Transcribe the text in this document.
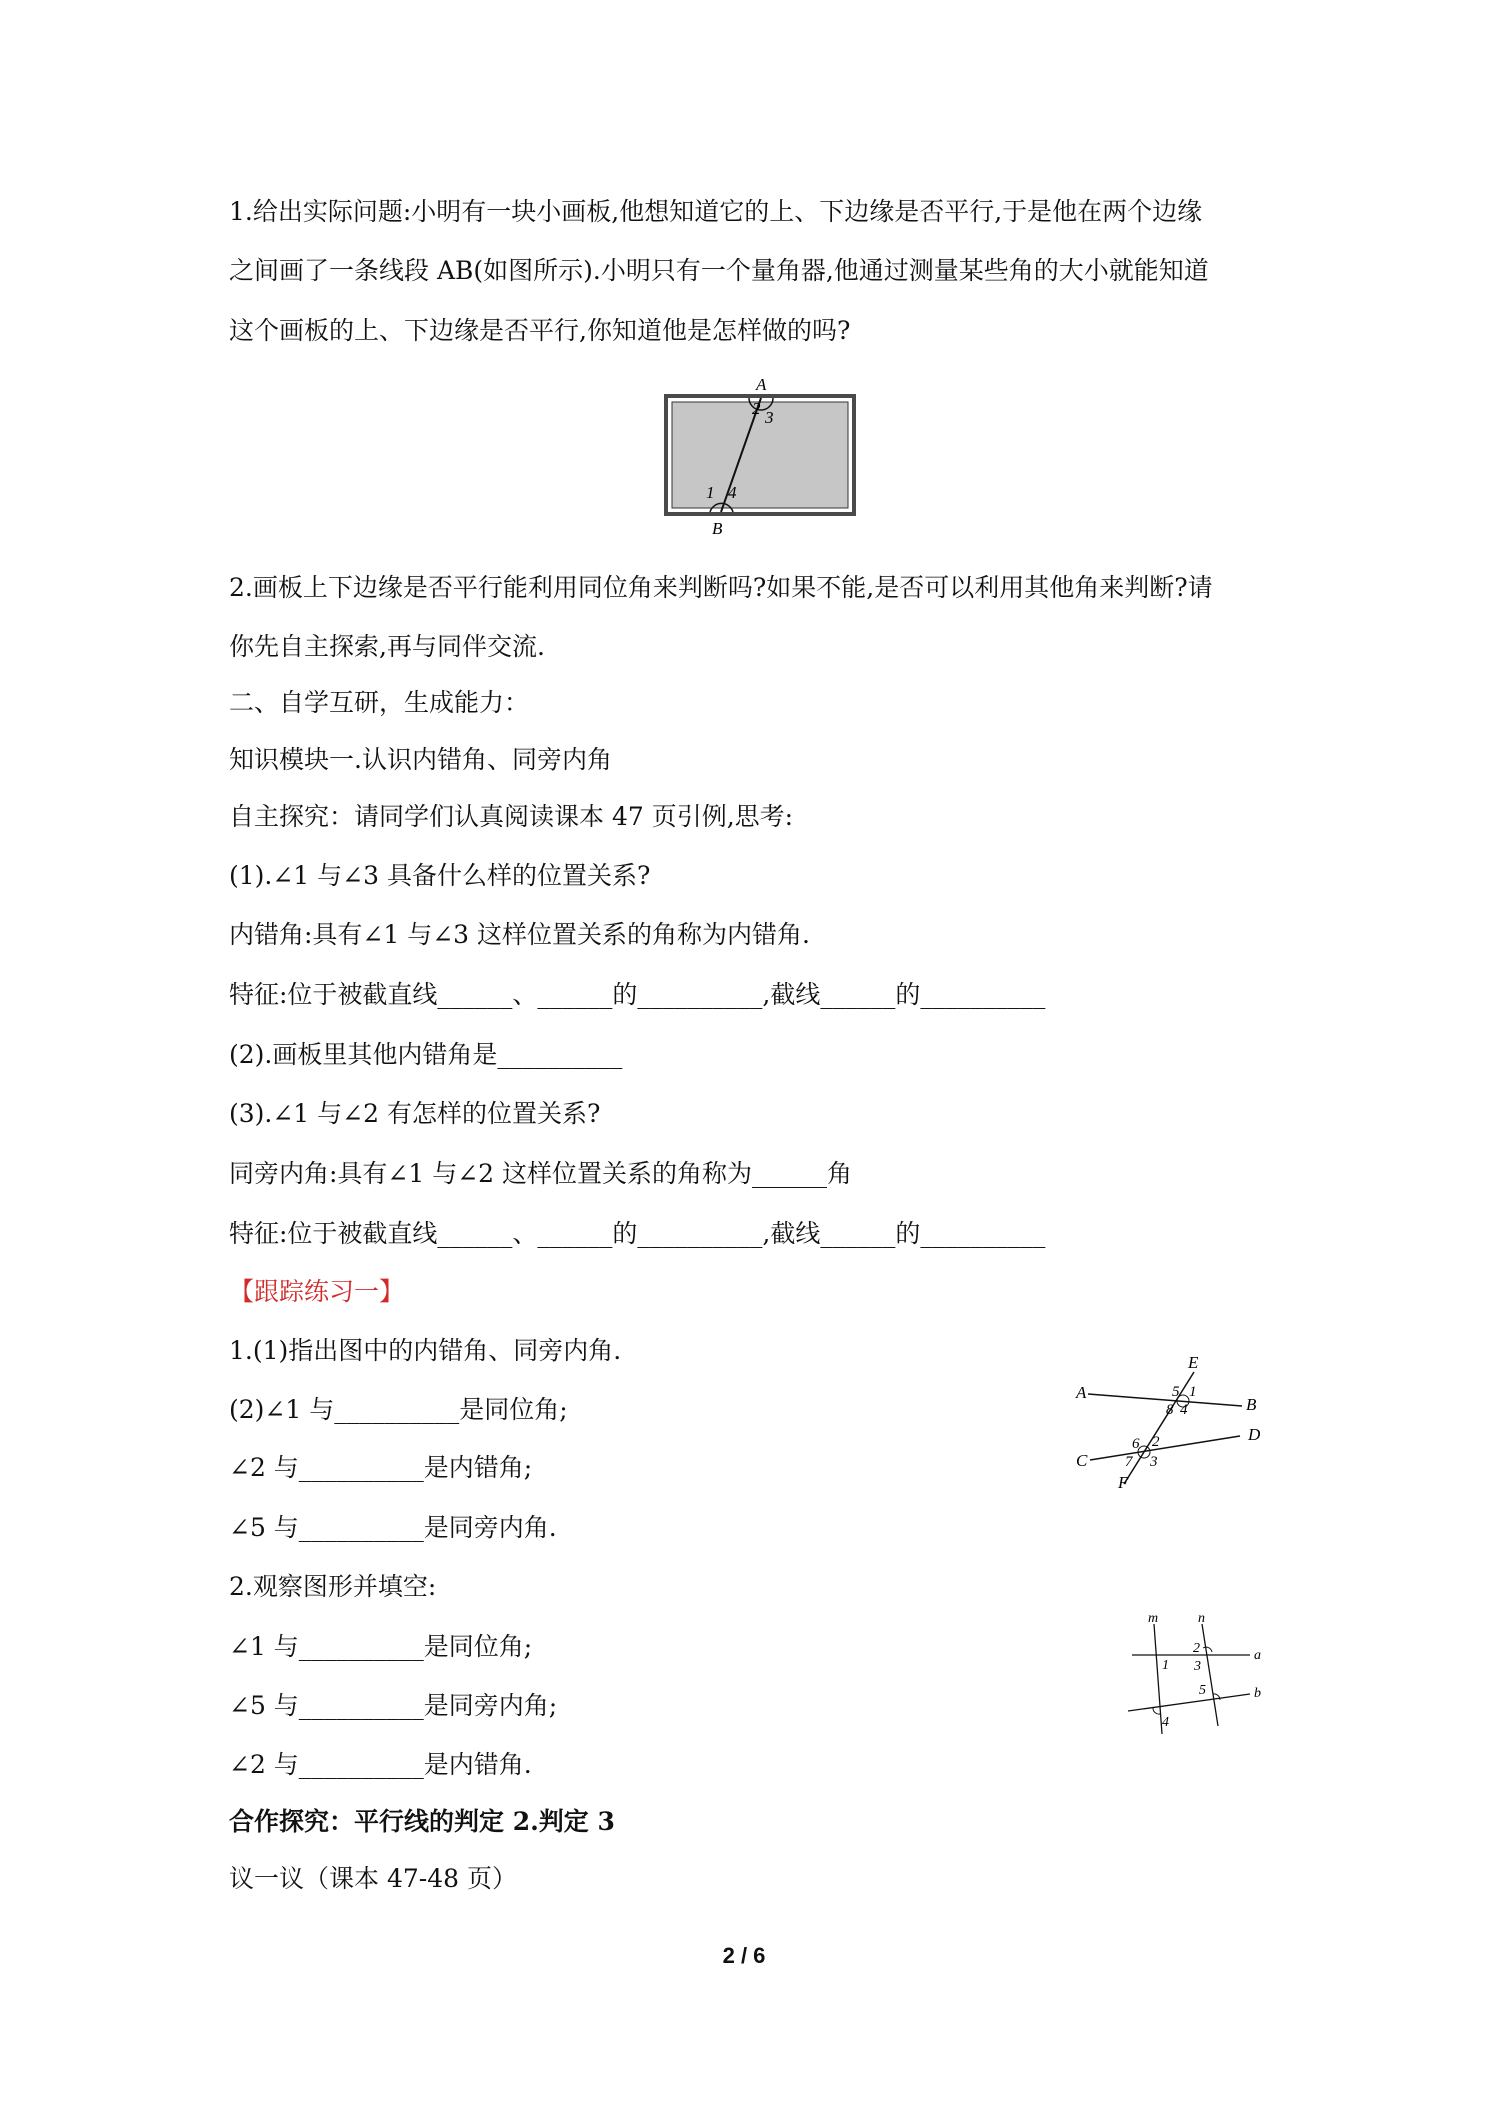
1.给出实际问题:小明有一块小画板,他想知道它的上、下边缘是否平行,于是他在两个边缘
之间画了一条线段 AB(如图所示).小明只有一个量角器,他通过测量某些角的大小就能知道
这个画板的上、下边缘是否平行,你知道他是怎样做的吗?
A
2 3
1 4
B
2.画板上下边缘是否平行能利用同位角来判断吗?如果不能,是否可以利用其他角来判断?请
你先自主探索,再与同伴交流.
二、自学互研，生成能力：
知识模块一.认识内错角、同旁内角
自主探究：请同学们认真阅读课本 47 页引例,思考:
(1).∠1 与∠3 具备什么样的位置关系?
内错角:具有∠1 与∠3 这样位置关系的角称为内错角.
特征:位于被截直线______、______的__________,截线______的__________
(2).画板里其他内错角是__________
(3).∠1 与∠2 有怎样的位置关系?
同旁内角:具有∠1 与∠2 这样位置关系的角称为______角
特征:位于被截直线______、______的__________,截线______的__________
【跟踪练习一】
1.(1)指出图中的内错角、同旁内角.
(2)∠1 与__________是同位角;
∠2 与__________是内错角;
∠5 与__________是同旁内角.
E
A
B
D
C
F
5 1
8 4
6 2
7 3
2.观察图形并填空:
∠1 与__________是同位角;
∠5 与__________是同旁内角;
∠2 与__________是内错角.
m	n
a
b
1
2
3
5
4
合作探究：平行线的判定 2.判定 3
议一议（课本 47-48 页）
2 / 6
